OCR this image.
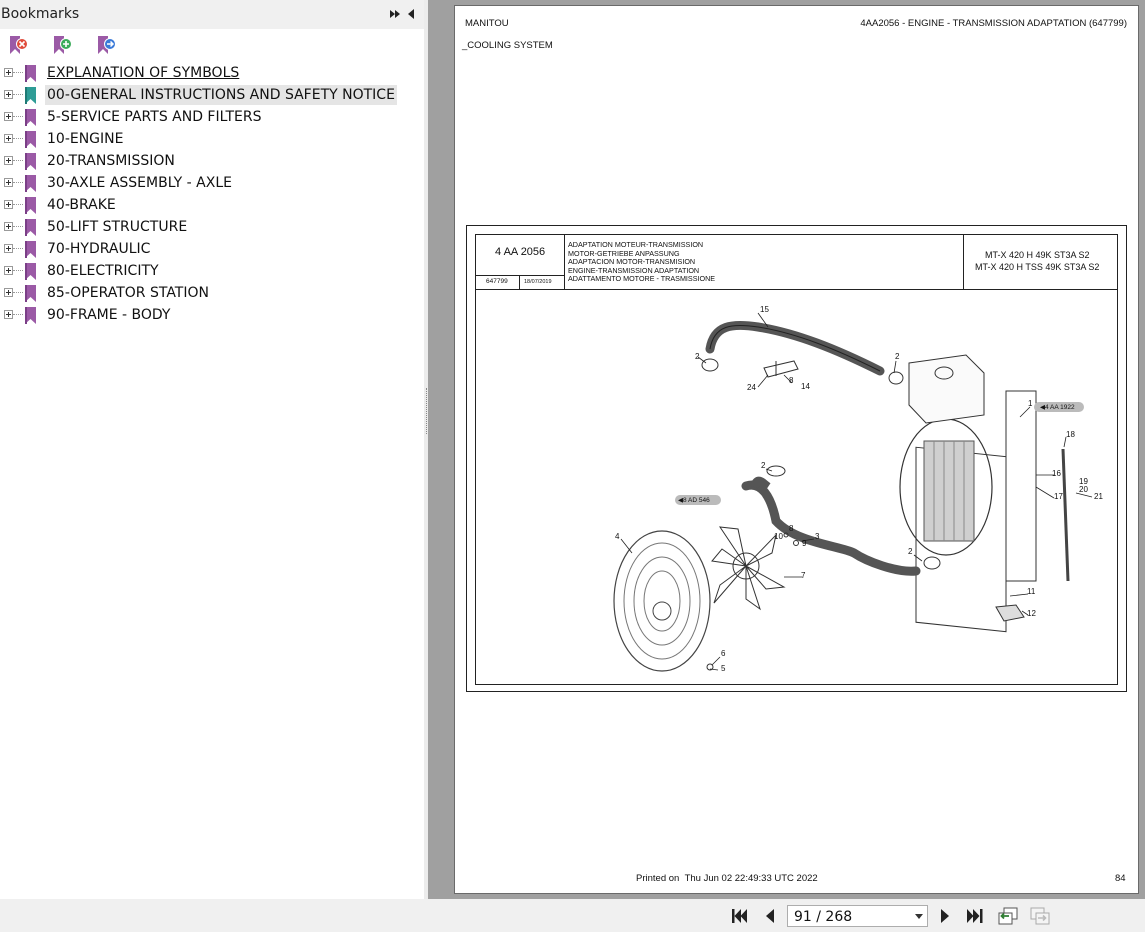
Bookmarks
EXPLANATION OF SYMBOLS
00-GENERAL INSTRUCTIONS AND SAFETY NOTICE
5-SERVICE PARTS AND FILTERS
10-ENGINE
20-TRANSMISSION
30-AXLE ASSEMBLY - AXLE
40-BRAKE
50-LIFT STRUCTURE
70-HYDRAULIC
80-ELECTRICITY
85-OPERATOR STATION
90-FRAME - BODY
MANITOU	4AA2056 - ENGINE - TRANSMISSION ADAPTATION (647799)
_COOLING SYSTEM
4 AA 2056
647799	18/07/2019
ADAPTATION MOTEUR-TRANSMISSION
MOTOR-GETRIEBE ANPASSUNG
ADAPTACION MOTOR-TRANSMISION
ENGINE-TRANSMISSION ADAPTATION
ADATTAMENTO MOTORE - TRASMISSIONE
MT-X 420 H 49K ST3A S2
MT-X 420 H TSS 49K ST3A S2
15
2	2
24
8
14
1
18
2
16
19
20
21
17
10
8
9
3
4
7
2
11
12
6
5
◀4 AA 1922
◀8 AD 546
Printed on Thu Jun 02 22:49:33 UTC 2022	84
91 / 268
